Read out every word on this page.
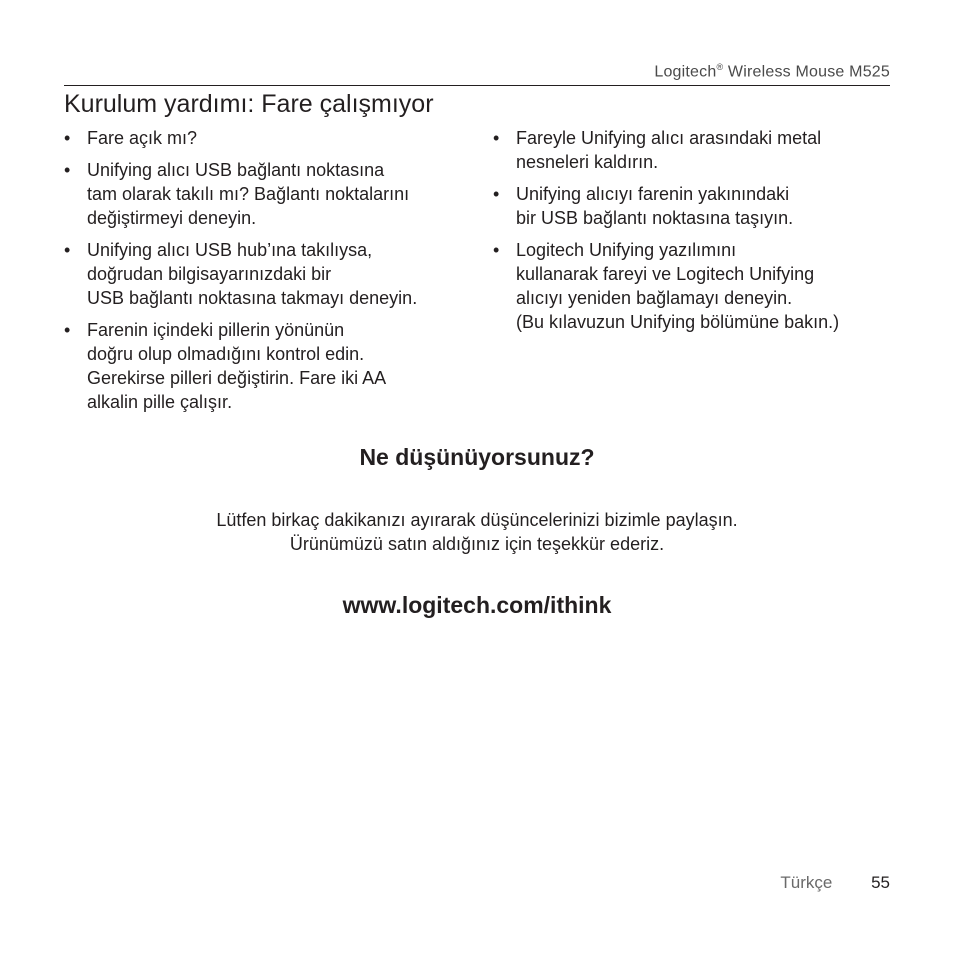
Logitech® Wireless Mouse M525
Kurulum yardımı: Fare çalışmıyor
• Fare açık mı?
• Unifying alıcı USB bağlantı noktasına
tam olarak takılı mı? Bağlantı noktalarını
değiştirmeyi deneyin.
• Unifying alıcı USB hub’ına takılıysa,
doğrudan bilgisayarınızdaki bir
USB bağlantı noktasına takmayı deneyin.
• Farenin içindeki pillerin yönünün
doğru olup olmadığını kontrol edin.
Gerekirse pilleri değiştirin. Fare iki AA
alkalin pille çalışır.
• Fareyle Unifying alıcı arasındaki metal
nesneleri kaldırın.
• Unifying alıcıyı farenin yakınındaki
bir USB bağlantı noktasına taşıyın.
• Logitech Unifying yazılımını
kullanarak fareyi ve Logitech Unifying
alıcıyı yeniden bağlamayı deneyin.
(Bu kılavuzun Unifying bölümüne bakın.)
Ne düşünüyorsunuz?
Lütfen birkaç dakikanızı ayırarak düşüncelerinizi bizimle paylaşın.
Ürünümüzü satın aldığınız için teşekkür ederiz.
www.logitech.com/ithink
Türkçe 55
